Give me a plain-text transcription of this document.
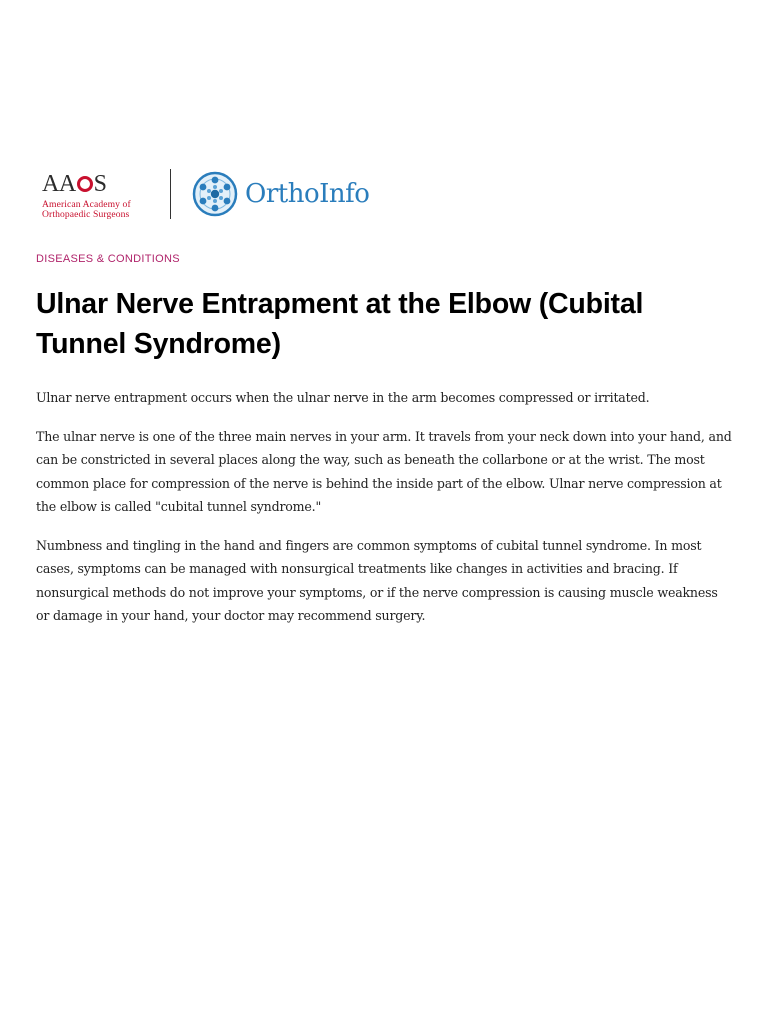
AA S
American Academy of
Orthopaedic Surgeons
OrthoInfo
DISEASES & CONDITIONS
Ulnar Nerve Entrapment at the Elbow (Cubital Tunnel Syndrome)

Ulnar nerve entrapment occurs when the ulnar nerve in the arm becomes compressed or irritated.

The ulnar nerve is one of the three main nerves in your arm. It travels from your neck down into your hand, and can be constricted in several places along the way, such as beneath the collarbone or at the wrist. The most common place for compression of the nerve is behind the inside part of the elbow. Ulnar nerve compression at the elbow is called "cubital tunnel syndrome."

Numbness and tingling in the hand and fingers are common symptoms of cubital tunnel syndrome. In most cases, symptoms can be managed with nonsurgical treatments like changes in activities and bracing. If nonsurgical methods do not improve your symptoms, or if the nerve compression is causing muscle weakness or damage in your hand, your doctor may recommend surgery.
